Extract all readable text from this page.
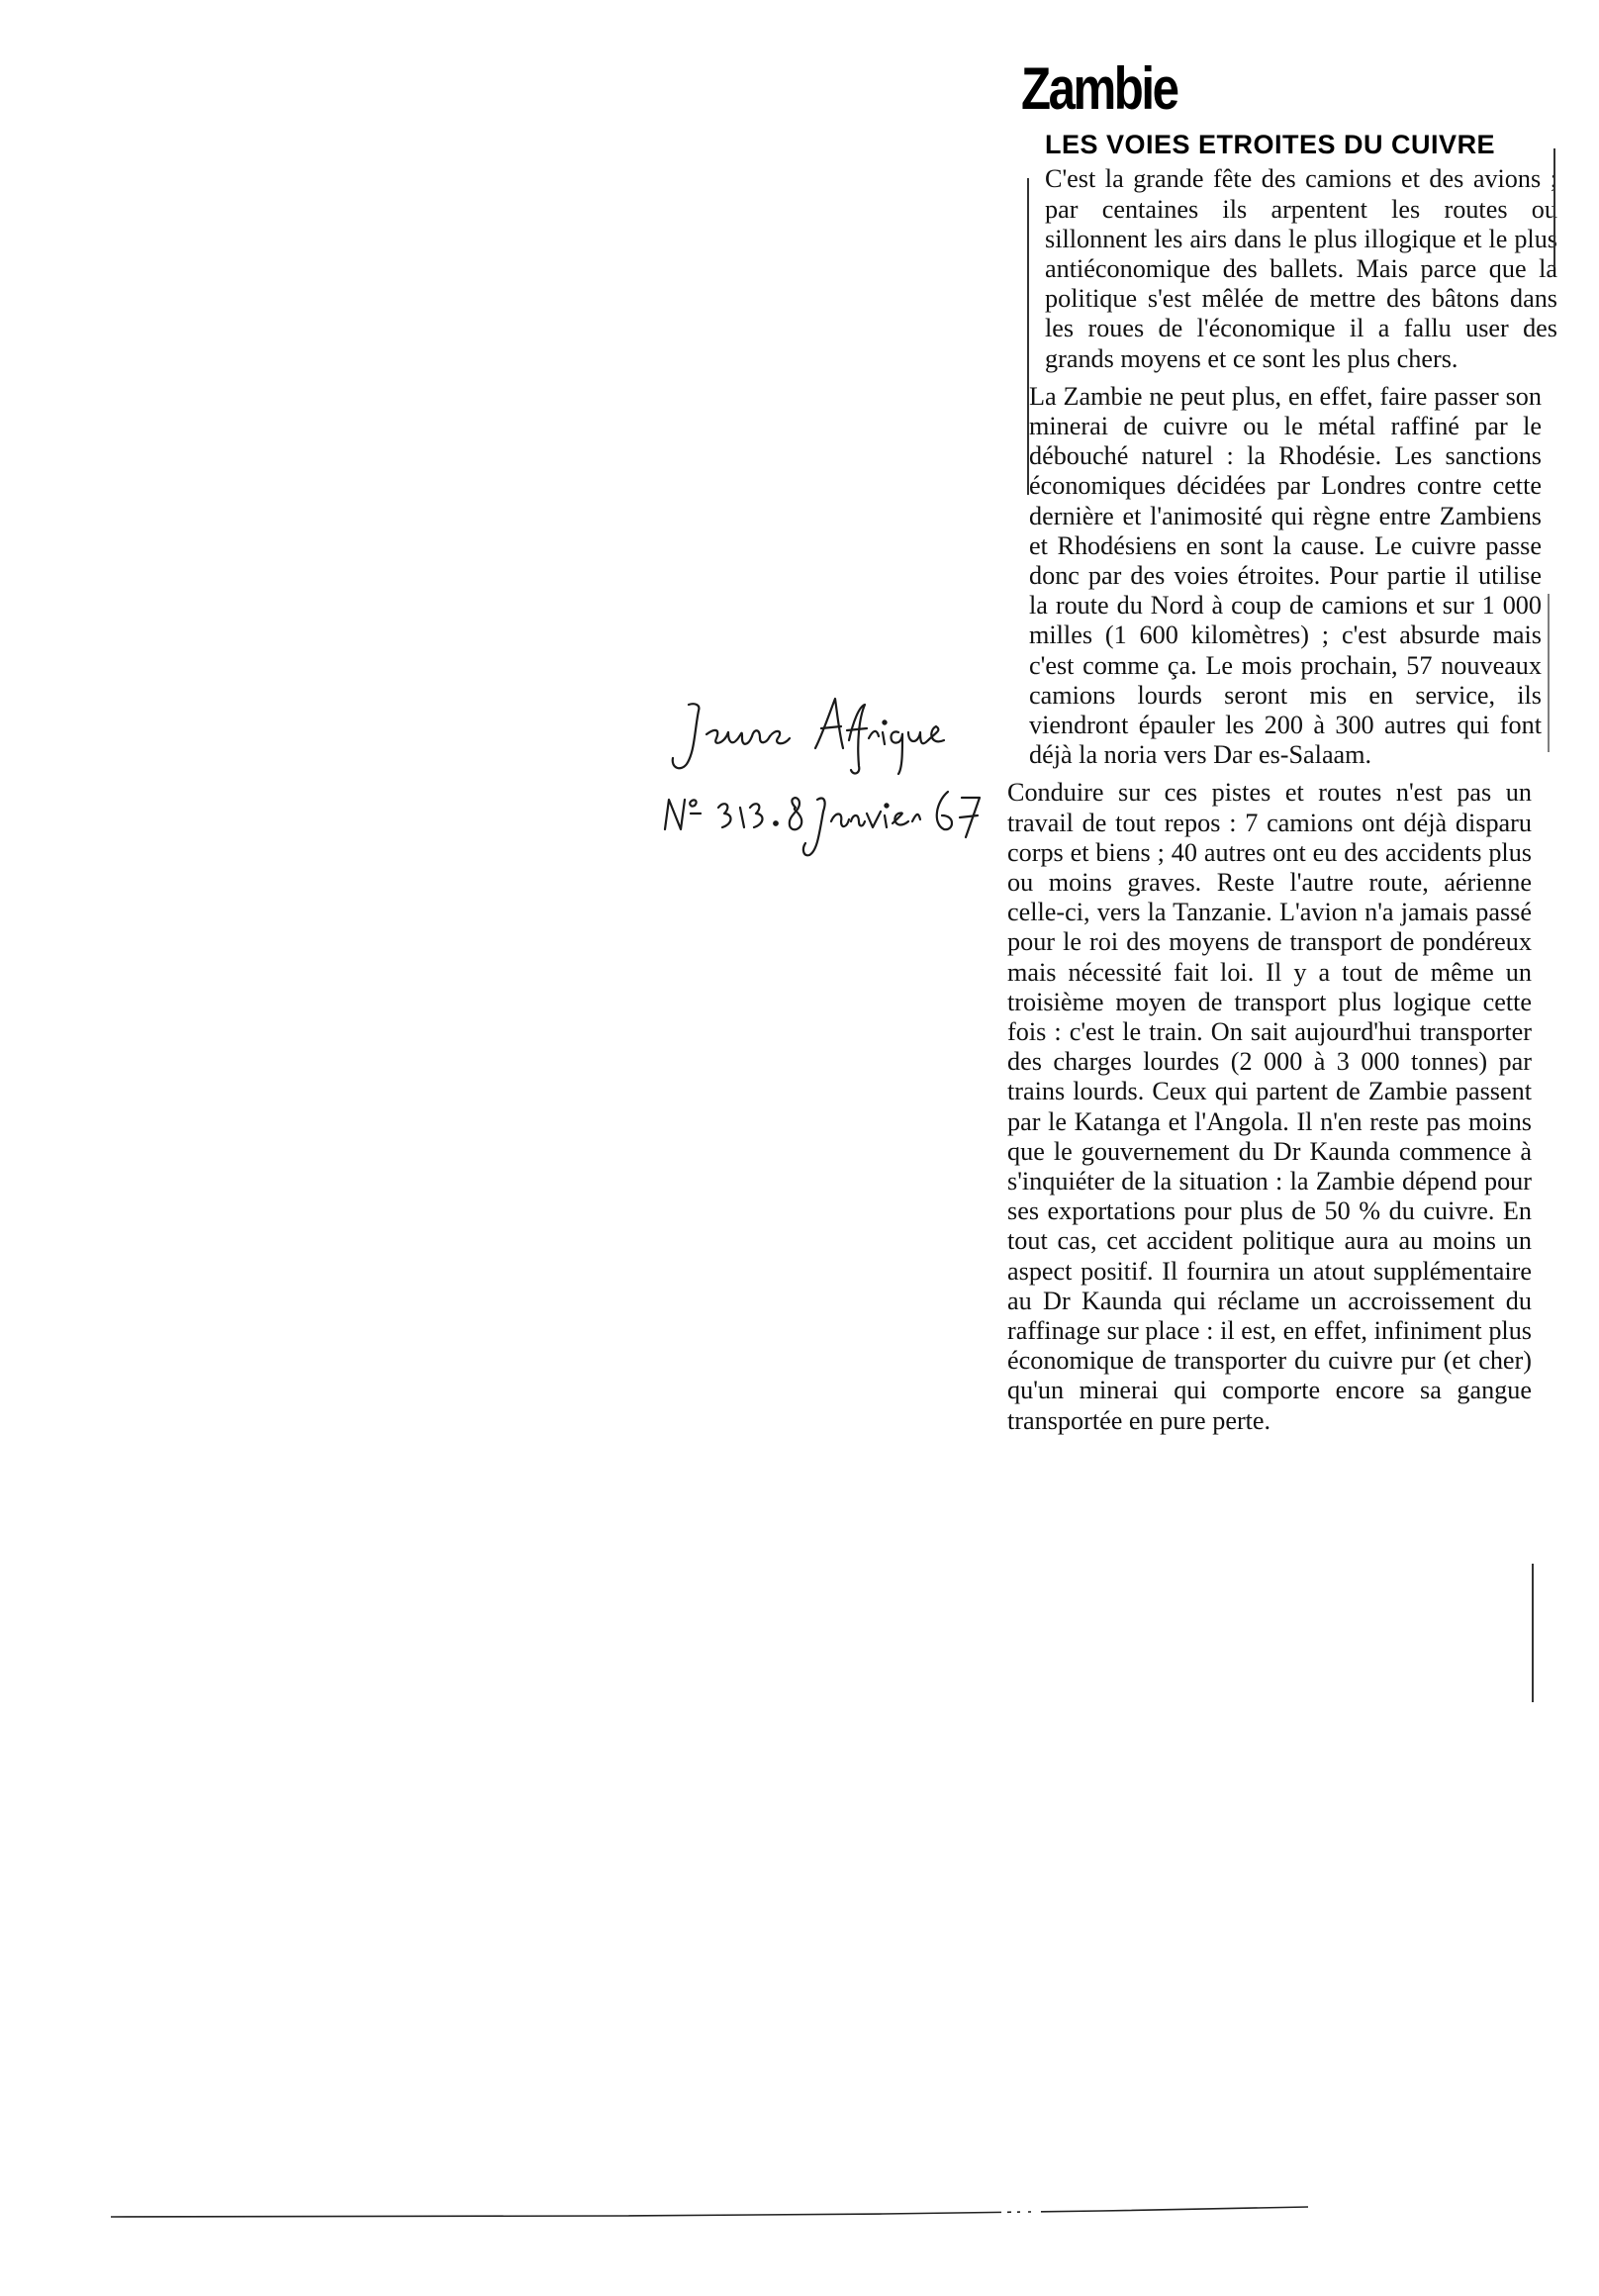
Zambie
LES VOIES ETROITES DU CUIVRE

C'est la grande fête des camions et des avions ; par centaines ils arpentent les routes ou sillonnent les airs dans le plus illogique et le plus antiéconomique des ballets. Mais parce que la politique s'est mêlée de mettre des bâtons dans les roues de l'économique il a fallu user des grands moyens et ce sont les plus chers.

La Zambie ne peut plus, en effet, faire passer son minerai de cuivre ou le métal raffiné par le débouché naturel : la Rhodésie. Les sanctions économiques décidées par Londres contre cette dernière et l'animosité qui règne entre Zambiens et Rhodésiens en sont la cause. Le cuivre passe donc par des voies étroites. Pour partie il utilise la route du Nord à coup de camions et sur 1 000 milles (1 600 kilomètres) ; c'est absurde mais c'est comme ça. Le mois prochain, 57 nouveaux camions lourds seront mis en service, ils viendront épauler les 200 à 300 autres qui font déjà la noria vers Dar es-Salaam.

Conduire sur ces pistes et routes n'est pas un travail de tout repos : 7 camions ont déjà disparu corps et biens ; 40 autres ont eu des accidents plus ou moins graves. Reste l'autre route, aérienne celle-ci, vers la Tanzanie. L'avion n'a jamais passé pour le roi des moyens de transport de pondéreux mais nécessité fait loi. Il y a tout de même un troisième moyen de transport plus logique cette fois : c'est le train. On sait aujourd'hui transporter des charges lourdes (2 000 à 3 000 tonnes) par trains lourds. Ceux qui partent de Zambie passent par le Katanga et l'Angola. Il n'en reste pas moins que le gouvernement du Dr Kaunda commence à s'inquiéter de la situation : la Zambie dépend pour ses exportations pour plus de 50 % du cuivre. En tout cas, cet accident politique aura au moins un aspect positif. Il fournira un atout supplémentaire au Dr Kaunda qui réclame un accroissement du raffinage sur place : il est, en effet, infiniment plus économique de transporter du cuivre pur (et cher) qu'un minerai qui comporte encore sa gangue transportée en pure perte.
